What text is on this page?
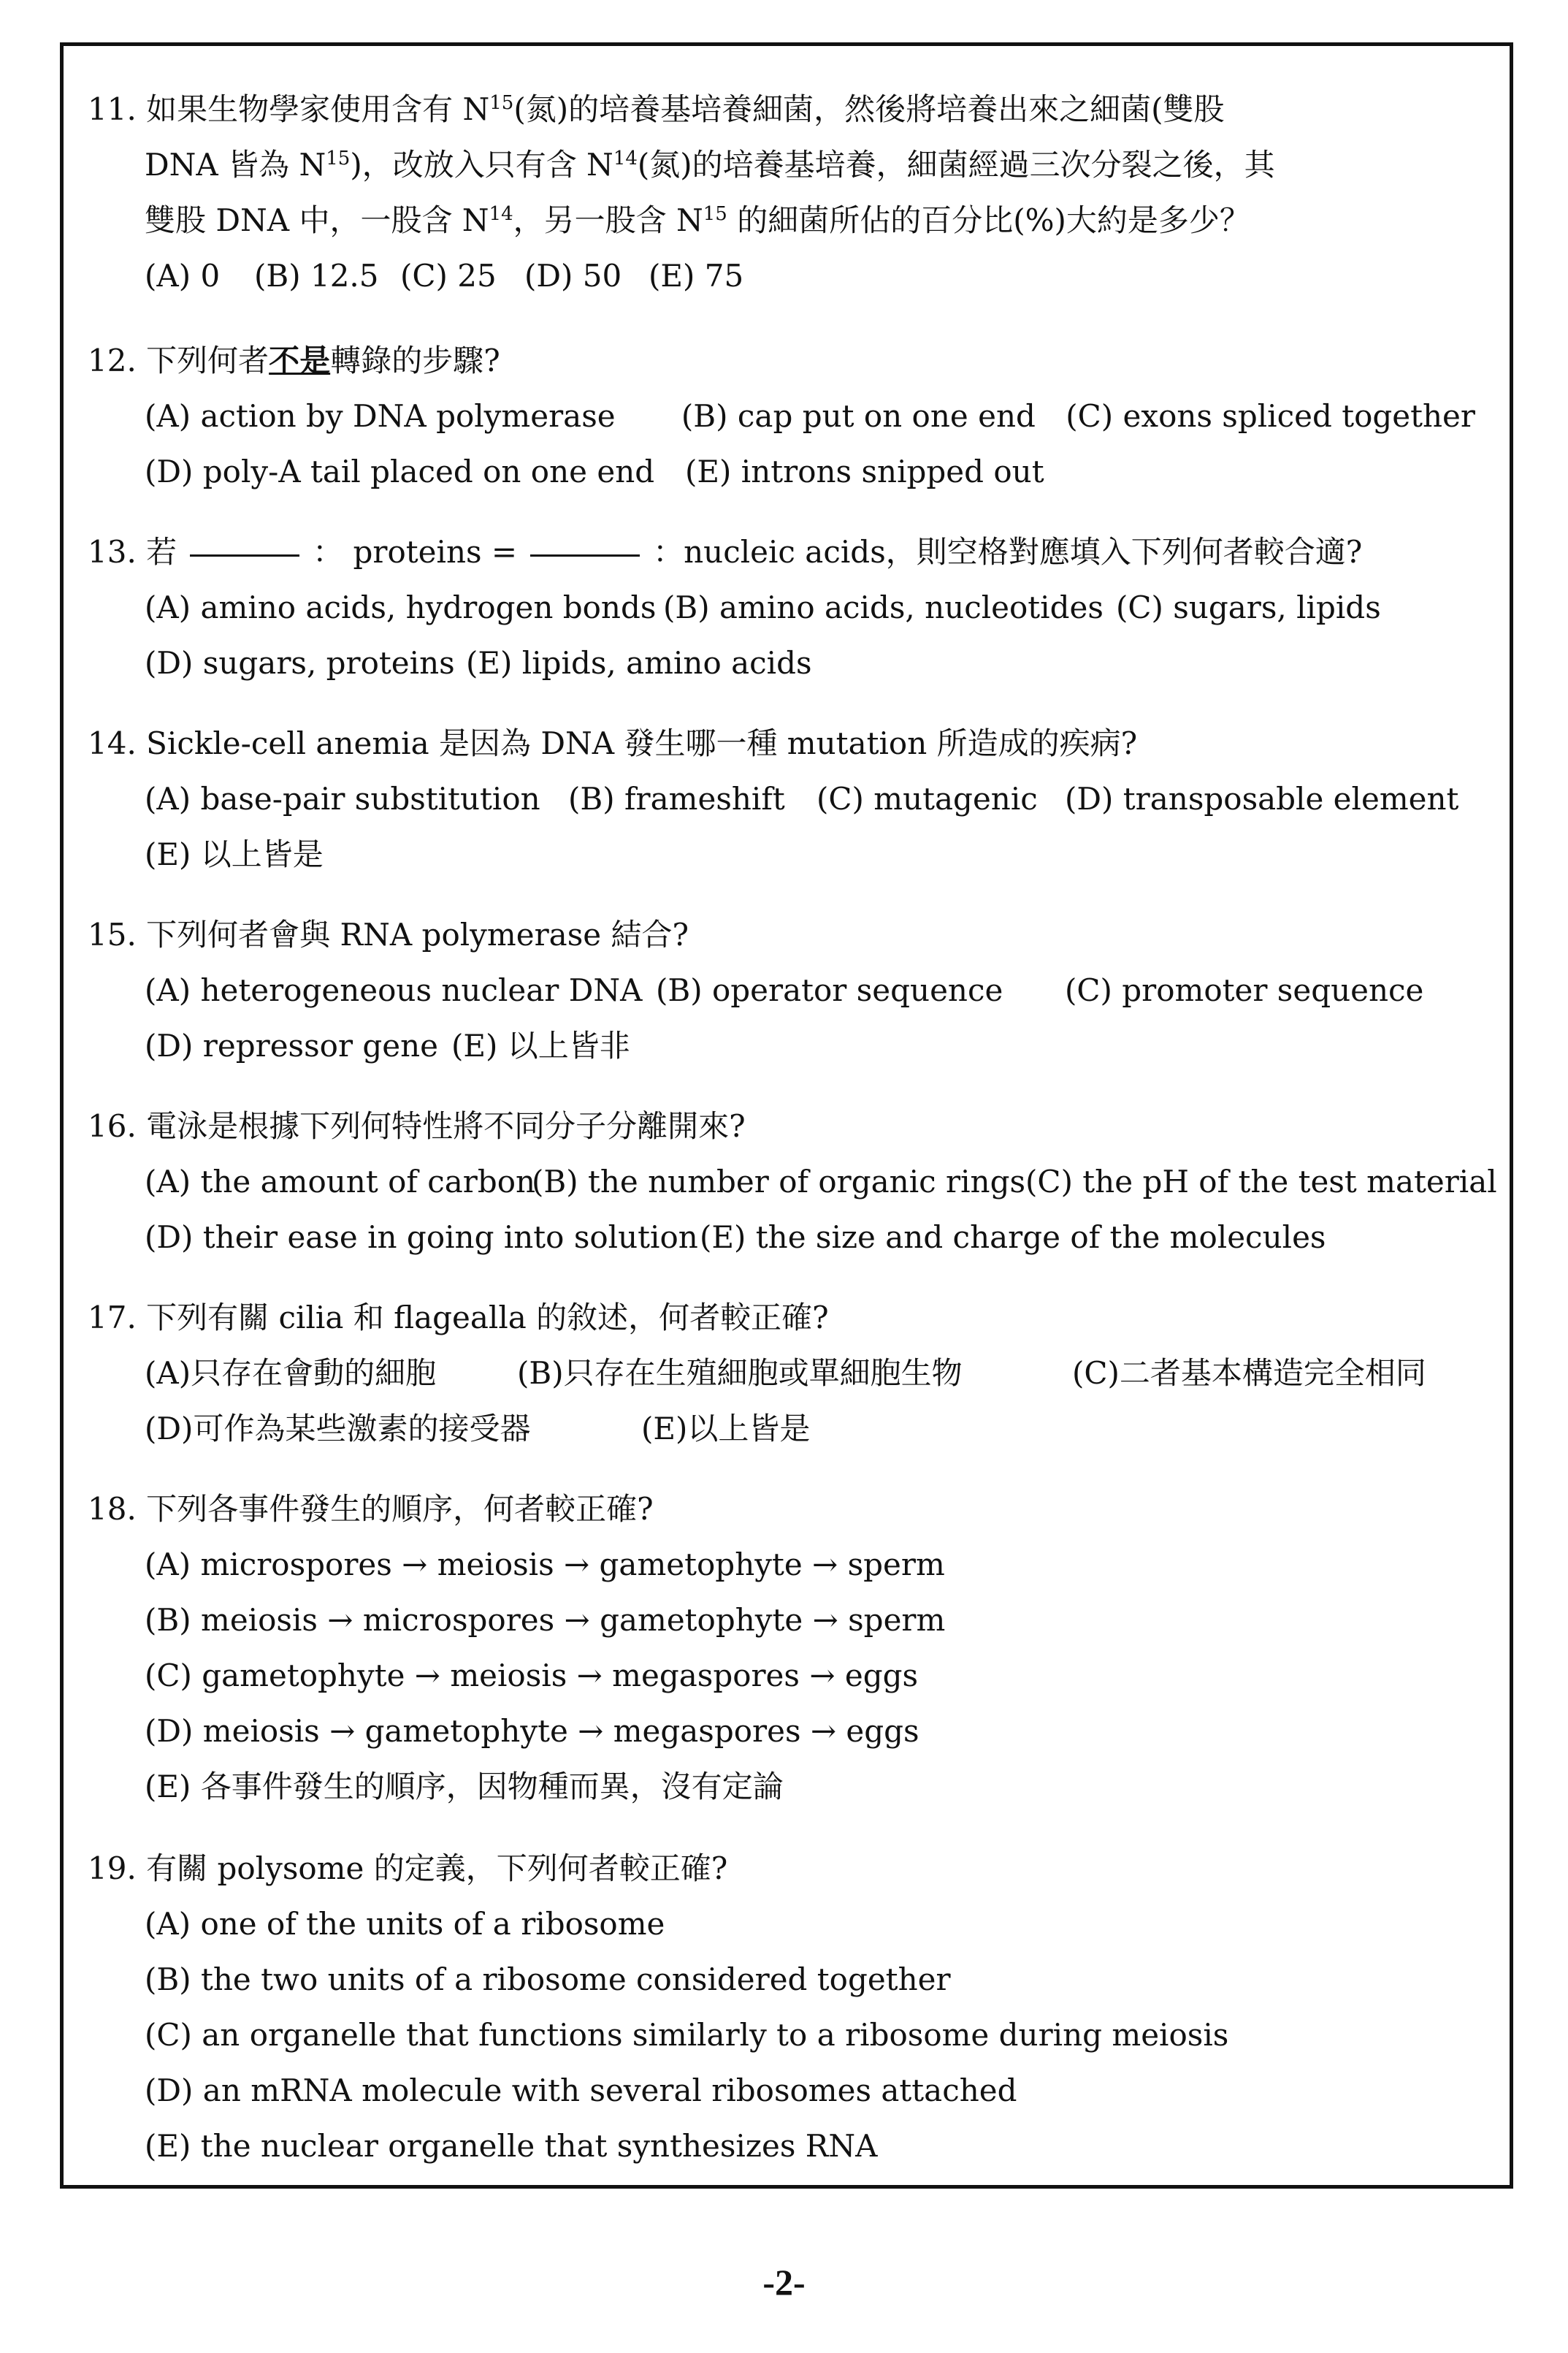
11. 如果生物學家使用含有 $N^{15}$(氮)的培養基培養細菌，然後將培養出來之細菌(雙股
DNA 皆為 $N^{15}$)，改放入只有含 $N^{14}$(氮)的培養基培養，細菌經過三次分裂之後，其
雙股 DNA 中，一股含 $N^{14}$，另一股含 $N^{15}$ 的細菌所佔的百分比(%)大約是多少？
(A) 0	(B) 12.5 (C) 25 (D) 50 (E) 75
12. 下列何者不是轉錄的步驟?
(A) action by DNA polymerase	(B) cap put on one end (C) exons spliced together
(D) poly-A tail placed on one end (E) introns snipped out
13. 若	： proteins =	：nucleic acids，則空格對應填入下列何者較合適?
(A) amino acids, hydrogen bonds (B) amino acids, nucleotides (C) sugars, lipids
(D) sugars, proteins (E) lipids, amino acids
14. Sickle-cell anemia 是因為 DNA 發生哪一種 mutation 所造成的疾病?
(A) base-pair substitution (B) frameshift	(C) mutagenic (D) transposable element
(E) 以上皆是
15. 下列何者會與 RNA polymerase 結合?
(A) heterogeneous nuclear DNA (B) operator sequence	(C) promoter sequence
(D) repressor gene (E) 以上皆非
16. 電泳是根據下列何特性將不同分子分離開來?
(A) the amount of carbon
(B) the number of organic rings (C) the pH of the test material
(D) their ease in going into solution (E) the size and charge of the molecules
17. 下列有關 cilia 和 flagealla 的敘述，何者較正確?
(A)只存在會動的細胞	(B)只存在生殖細胞或單細胞生物	(C)二者基本構造完全相同
(D)可作為某些激素的接受器	(E)以上皆是
18. 下列各事件發生的順序，何者較正確?
(A) microspores → meiosis → gametophyte → sperm
(B) meiosis → microspores → gametophyte → sperm
(C) gametophyte → meiosis → megaspores → eggs
(D) meiosis → gametophyte → megaspores → eggs
(E) 各事件發生的順序，因物種而異，沒有定論
19. 有關 polysome 的定義，下列何者較正確?
(A) one of the units of a ribosome
(B) the two units of a ribosome considered together
(C) an organelle that functions similarly to a ribosome during meiosis
(D) an mRNA molecule with several ribosomes attached
(E) the nuclear organelle that synthesizes RNA
-2-
